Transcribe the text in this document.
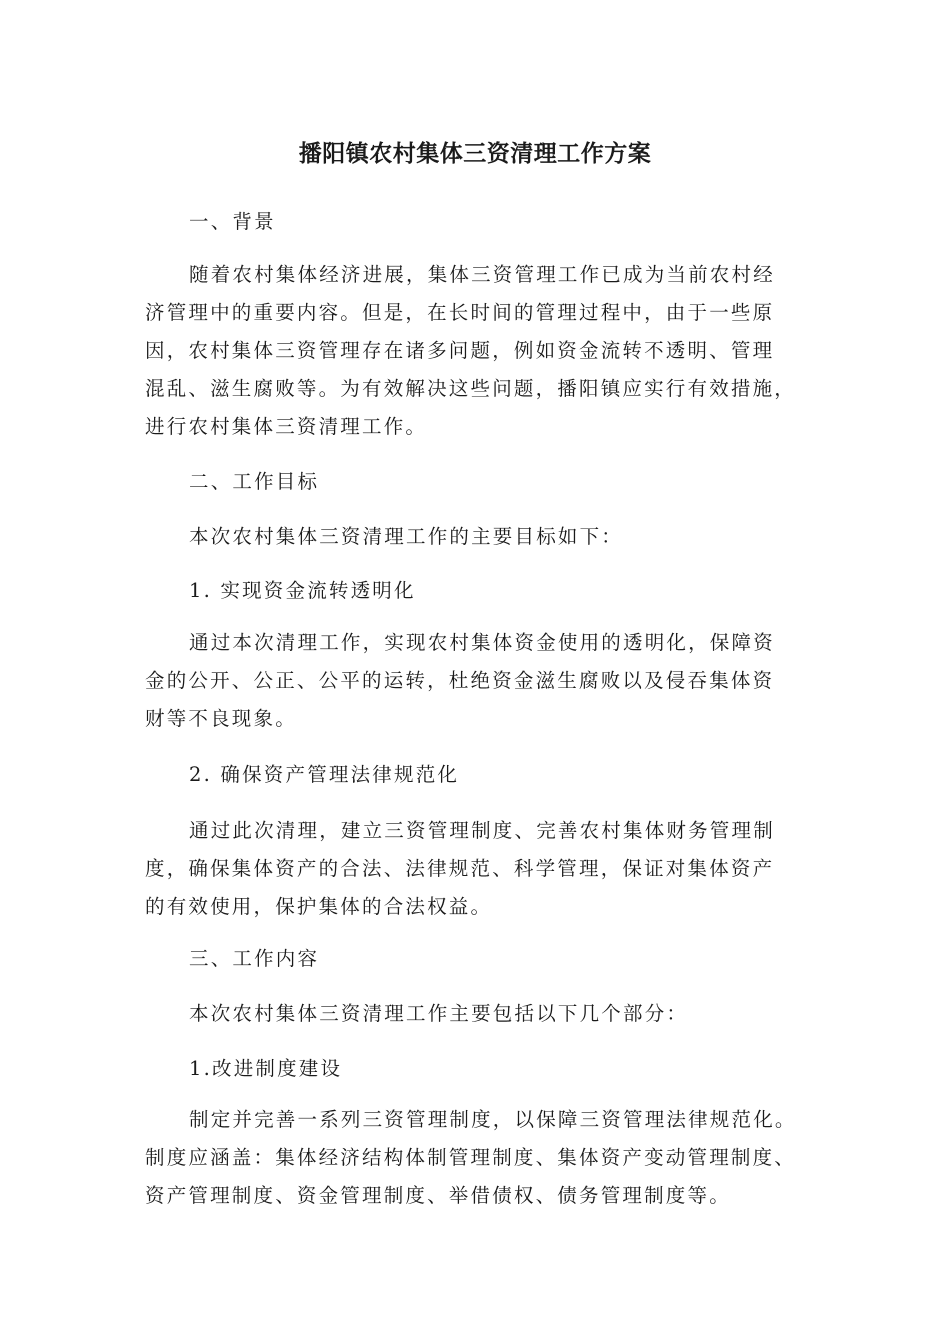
播阳镇农村集体三资清理工作方案
一、背景
随着农村集体经济进展，集体三资管理工作已成为当前农村经
济管理中的重要内容。但是，在长时间的管理过程中，由于一些原
因，农村集体三资管理存在诸多问题，例如资金流转不透明、管理
混乱、滋生腐败等。为有效解决这些问题，播阳镇应实行有效措施，
进行农村集体三资清理工作。
二、工作目标
本次农村集体三资清理工作的主要目标如下：
1. 实现资金流转透明化
通过本次清理工作，实现农村集体资金使用的透明化，保障资
金的公开、公正、公平的运转，杜绝资金滋生腐败以及侵吞集体资
财等不良现象。
2. 确保资产管理法律规范化
通过此次清理，建立三资管理制度、完善农村集体财务管理制
度，确保集体资产的合法、法律规范、科学管理，保证对集体资产
的有效使用，保护集体的合法权益。
三、工作内容
本次农村集体三资清理工作主要包括以下几个部分：
1.改进制度建设
制定并完善一系列三资管理制度，以保障三资管理法律规范化。
制度应涵盖：集体经济结构体制管理制度、集体资产变动管理制度、
资产管理制度、资金管理制度、举借债权、债务管理制度等。
